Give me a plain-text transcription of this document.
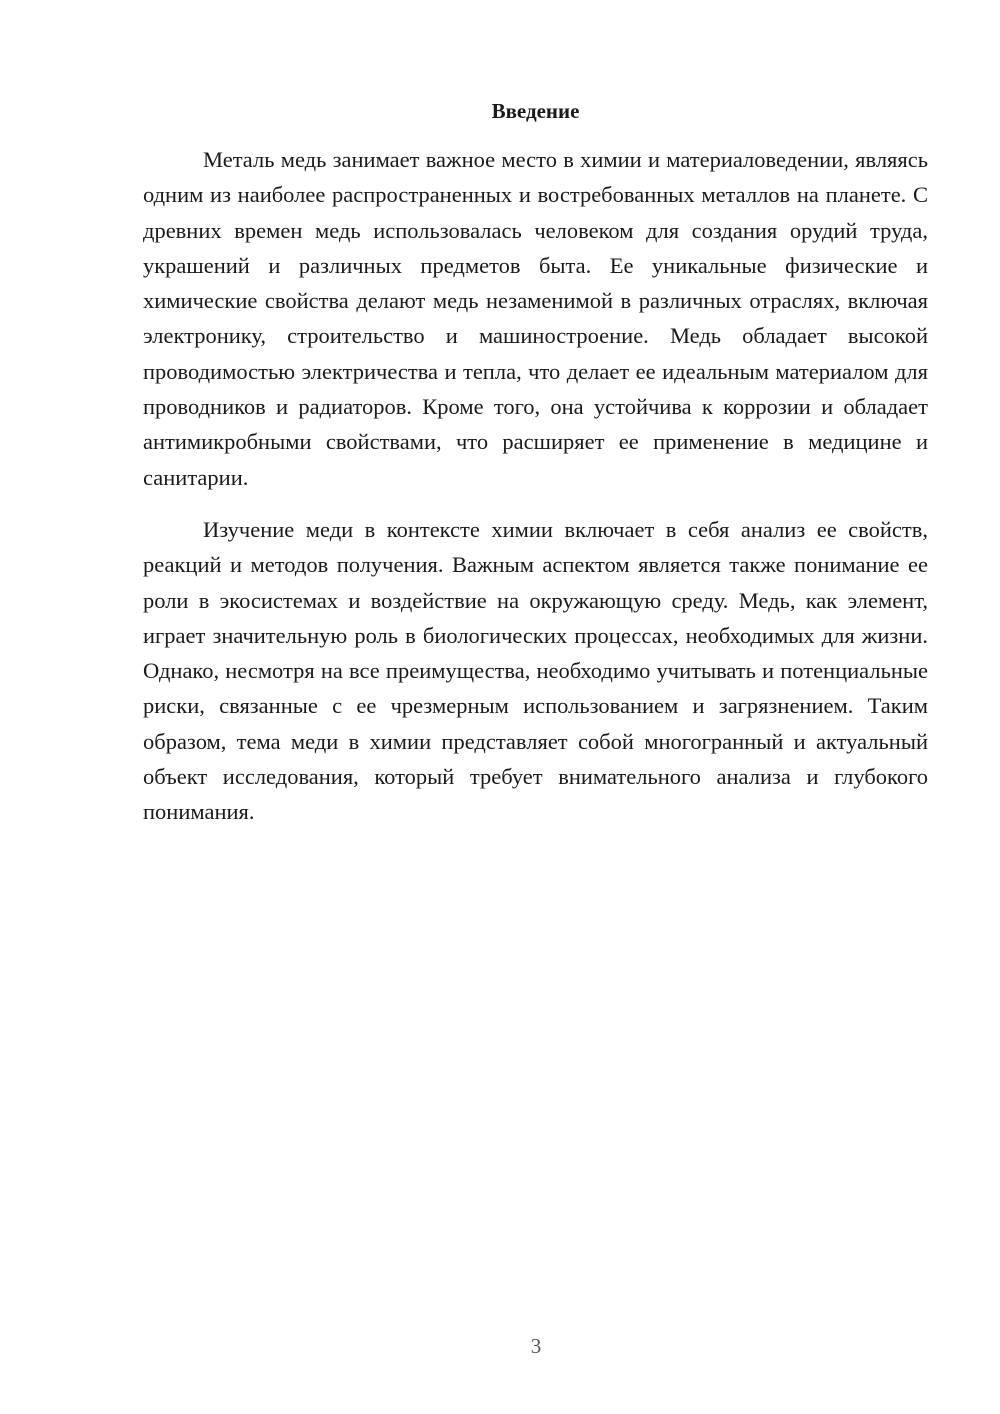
Введение

Металь медь занимает важное место в химии и материаловедении, являясь одним из наиболее распространенных и востребованных металлов на планете. С древних времен медь использовалась человеком для создания орудий труда, украшений и различных предметов быта. Ее уникальные физические и химические свойства делают медь незаменимой в различных отраслях, включая электронику, строительство и машиностроение. Медь обладает высокой проводимостью электричества и тепла, что делает ее идеальным материалом для проводников и радиаторов. Кроме того, она устойчива к коррозии и обладает антимикробными свойствами, что расширяет ее применение в медицине и санитарии.

Изучение меди в контексте химии включает в себя анализ ее свойств, реакций и методов получения. Важным аспектом является также понимание ее роли в экосистемах и воздействие на окружающую среду. Медь, как элемент, играет значительную роль в биологических процессах, необходимых для жизни. Однако, несмотря на все преимущества, необходимо учитывать и потенциальные риски, связанные с ее чрезмерным использованием и загрязнением. Таким образом, тема меди в химии представляет собой многогранный и актуальный объект исследования, который требует внимательного анализа и глубокого понимания.

3
